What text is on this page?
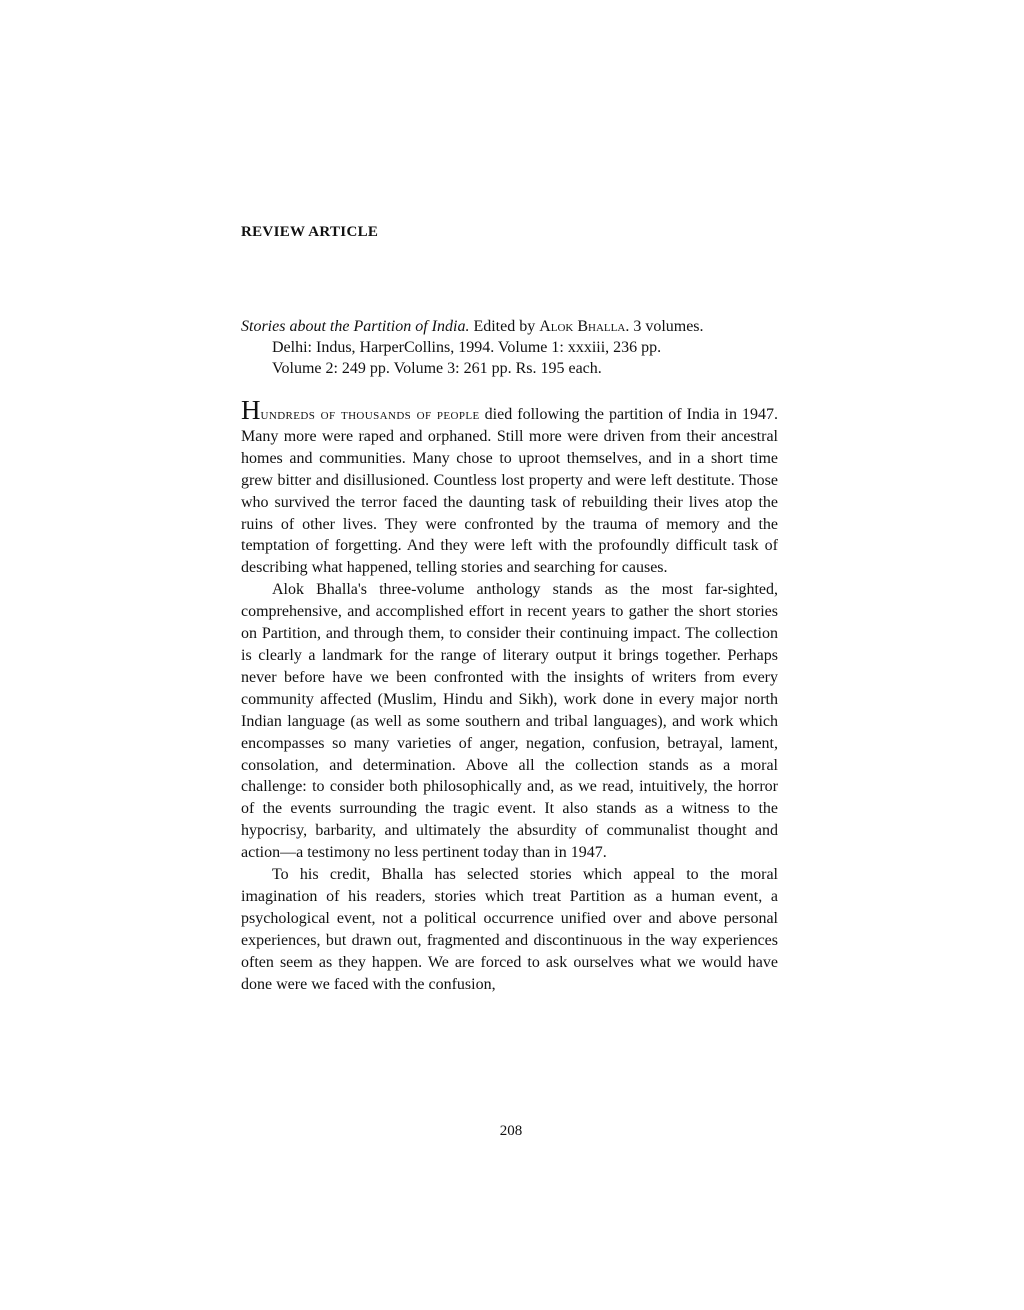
REVIEW ARTICLE
Stories about the Partition of India. Edited by Alok Bhalla. 3 volumes.
Delhi: Indus, HarperCollins, 1994. Volume 1: xxxiii, 236 pp.
Volume 2: 249 pp. Volume 3: 261 pp. Rs. 195 each.

Hundreds of thousands of people died following the partition of India in 1947. Many more were raped and orphaned. Still more were driven from their ancestral homes and communities. Many chose to uproot themselves, and in a short time grew bitter and disillusioned. Countless lost property and were left destitute. Those who survived the terror faced the daunting task of rebuilding their lives atop the ruins of other lives. They were confronted by the trauma of memory and the temptation of forgetting. And they were left with the profoundly difficult task of describing what happened, telling stories and searching for causes.

Alok Bhalla's three-volume anthology stands as the most far-sighted, comprehensive, and accomplished effort in recent years to gather the short stories on Partition, and through them, to consider their continuing impact. The collection is clearly a landmark for the range of literary output it brings together. Perhaps never before have we been confronted with the insights of writers from every community affected (Muslim, Hindu and Sikh), work done in every major north Indian language (as well as some southern and tribal languages), and work which encompasses so many varieties of anger, negation, confusion, betrayal, lament, consolation, and determination. Above all the collection stands as a moral challenge: to consider both philosophically and, as we read, intuitively, the horror of the events surrounding the tragic event. It also stands as a witness to the hypocrisy, barbarity, and ultimately the absurdity of communalist thought and action—a testimony no less pertinent today than in 1947.

To his credit, Bhalla has selected stories which appeal to the moral imagination of his readers, stories which treat Partition as a human event, a psychological event, not a political occurrence unified over and above personal experiences, but drawn out, fragmented and discontinuous in the way experiences often seem as they happen. We are forced to ask ourselves what we would have done were we faced with the confusion,

208
